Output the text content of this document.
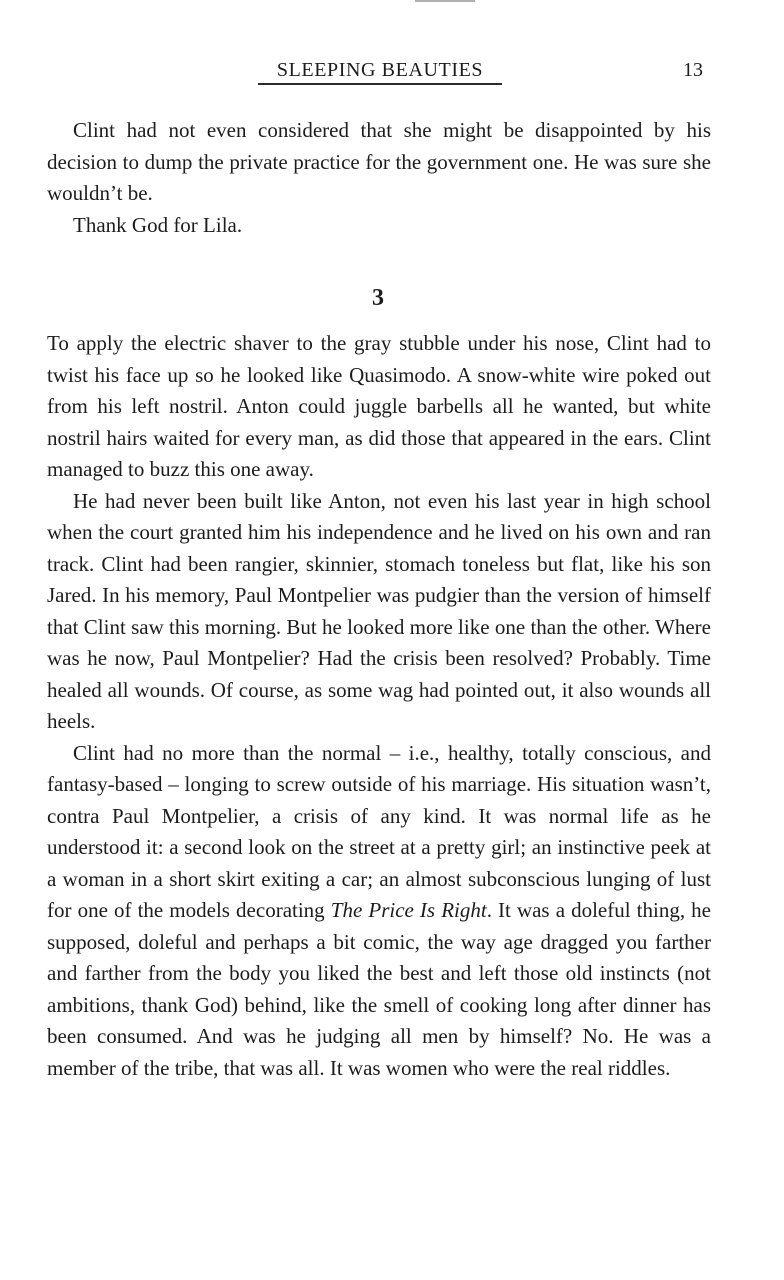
SLEEPING BEAUTIES	13

Clint had not even considered that she might be disappointed by his decision to dump the private practice for the government one. He was sure she wouldn’t be.

Thank God for Lila.

3

To apply the electric shaver to the gray stubble under his nose, Clint had to twist his face up so he looked like Quasimodo. A snow-white wire poked out from his left nostril. Anton could juggle barbells all he wanted, but white nostril hairs waited for every man, as did those that appeared in the ears. Clint managed to buzz this one away.

He had never been built like Anton, not even his last year in high school when the court granted him his independence and he lived on his own and ran track. Clint had been rangier, skinnier, stomach toneless but flat, like his son Jared. In his memory, Paul Montpelier was pudgier than the version of himself that Clint saw this morning. But he looked more like one than the other. Where was he now, Paul Montpelier? Had the crisis been resolved? Probably. Time healed all wounds. Of course, as some wag had pointed out, it also wounds all heels.

Clint had no more than the normal – i.e., healthy, totally conscious, and fantasy-based – longing to screw outside of his marriage. His situation wasn’t, contra Paul Montpelier, a crisis of any kind. It was normal life as he understood it: a second look on the street at a pretty girl; an instinctive peek at a woman in a short skirt exiting a car; an almost subconscious lunging of lust for one of the models decorating The Price Is Right. It was a doleful thing, he supposed, doleful and perhaps a bit comic, the way age dragged you farther and farther from the body you liked the best and left those old instincts (not ambitions, thank God) behind, like the smell of cooking long after dinner has been consumed. And was he judging all men by himself? No. He was a member of the tribe, that was all. It was women who were the real riddles.
